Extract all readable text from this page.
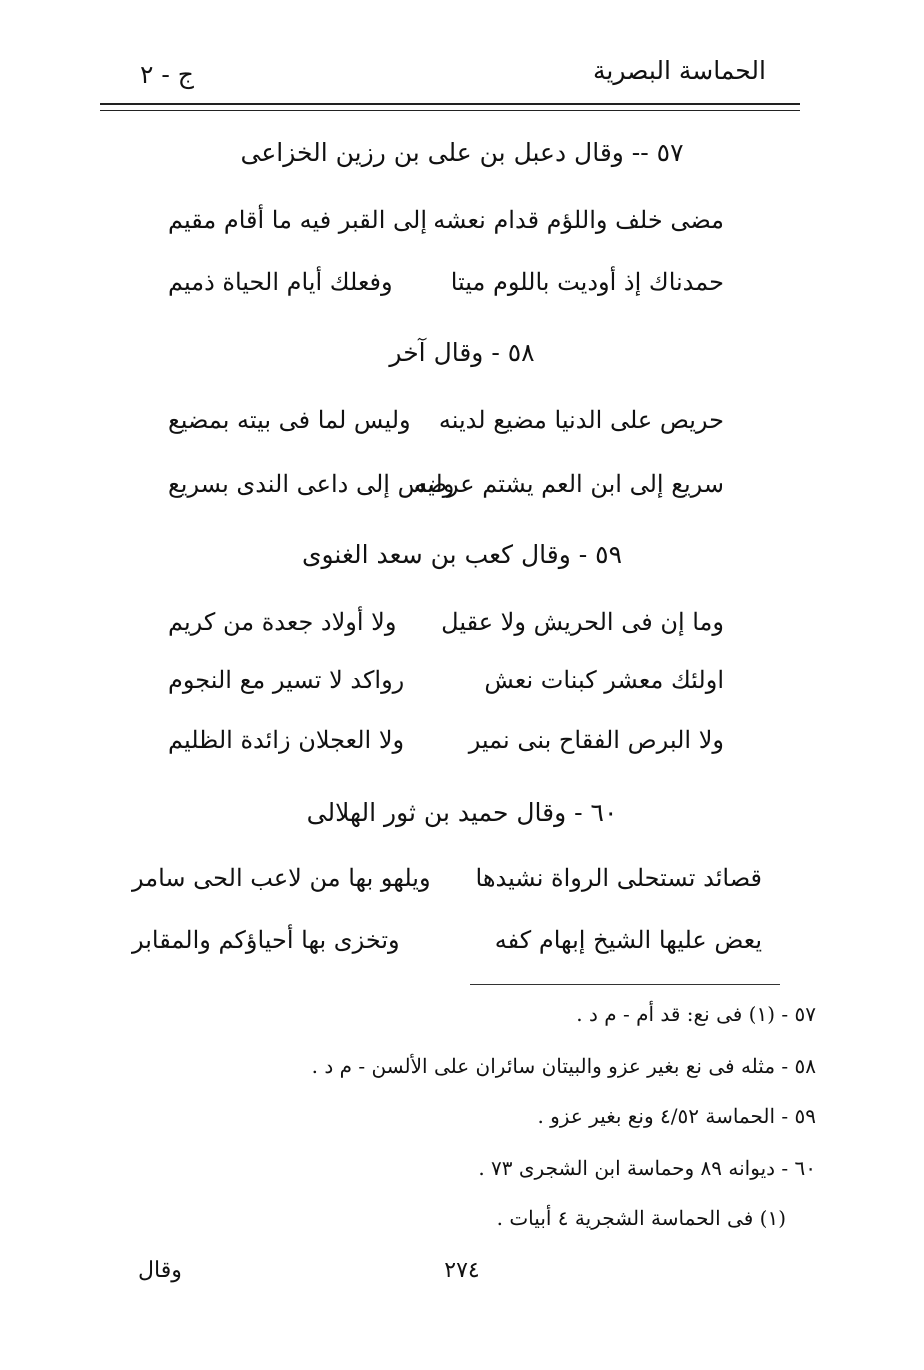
الحماسة البصرية
ج - ٢
٥٧ -- وقال دعبل بن على بن رزين الخزاعى
مضى خلف واللؤم قدام نعشه
إلى القبر فيه ما أقام مقيم
حمدناك إذ أوديت باللوم ميتا
وفعلك أيام الحياة ذميم
٥٨ - وقال آخر
حريص على الدنيا مضيع لدينه
وليس لما فى بيته بمضيع
سريع إلى ابن العم يشتم عرضه
وليس إلى داعى الندى بسريع
٥٩ - وقال كعب بن سعد الغنوى
وما إن فى الحريش ولا عقيل
ولا أولاد جعدة من كريم
اولئك معشر كبنات نعش
رواكد لا تسير مع النجوم
ولا البرص الفقاح بنى نمير
ولا العجلان زائدة الظليم
٦٠ - وقال حميد بن ثور الهلالى
قصائد تستحلى الرواة نشيدها
ويلهو بها من لاعب الحى سامر
يعض عليها الشيخ إبهام كفه
وتخزى بها أحياؤكم والمقابر
٥٧ - (١) فى نع: قد أم - م د .
٥٨ - مثله فى نع بغير عزو والبيتان سائران على الألسن - م د .
٥٩ - الحماسة ٤/٥٢ ونع بغير عزو .
٦٠ - ديوانه ٨٩ وحماسة ابن الشجرى ٧٣ .
(١) فى الحماسة الشجرية ٤ أبيات .
٢٧٤
وقال
